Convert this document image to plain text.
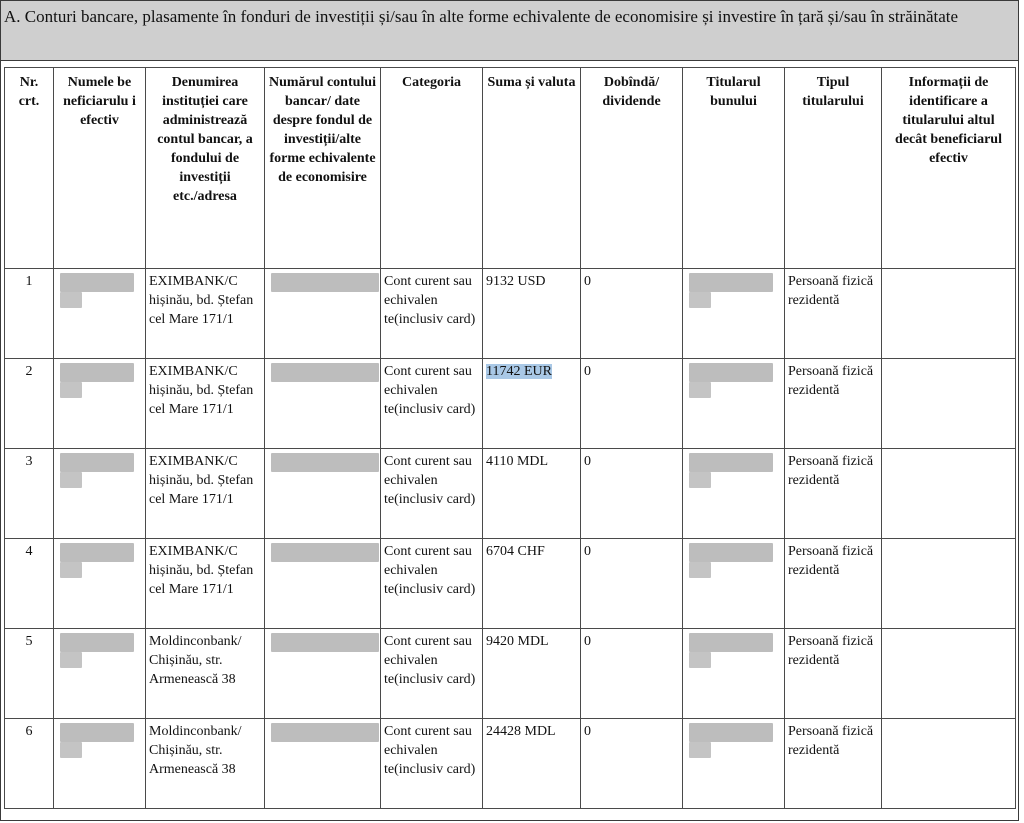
A. Conturi bancare, plasamente în fonduri de investiții și/sau în alte forme echivalente de economisire și investire în țară și/sau în străinătate
Nr. crt.	Numele be neficiarulu i efectiv	Denumirea instituției care administrează contul bancar, a fondului de investiții etc./adresa	Numărul contului bancar/ date despre fondul de investiții/alte forme echivalente de economisire	Categoria	Suma și valuta	Dobîndă/ dividende	Titularul bunului	Tipul titularului	Informații de identificare a titularului altul decât beneficiarul efectiv
1		EXIMBANK/C hișinău, bd. Ștefan cel Mare 171/1		Cont curent sau echivalen te(inclusiv card)	9132 USD	0		Persoană fizică rezidentă	
2		EXIMBANK/C hișinău, bd. Ștefan cel Mare 171/1		Cont curent sau echivalen te(inclusiv card)	11742 EUR	0		Persoană fizică rezidentă	
3		EXIMBANK/C hișinău, bd. Ștefan cel Mare 171/1		Cont curent sau echivalen te(inclusiv card)	4110 MDL	0		Persoană fizică rezidentă	
4		EXIMBANK/C hișinău, bd. Ștefan cel Mare 171/1		Cont curent sau echivalen te(inclusiv card)	6704 CHF	0		Persoană fizică rezidentă	
5		Moldinconbank/ Chișinău, str. Armenească 38		Cont curent sau echivalen te(inclusiv card)	9420 MDL	0		Persoană fizică rezidentă	
6		Moldinconbank/ Chișinău, str. Armenească 38		Cont curent sau echivalen te(inclusiv card)	24428 MDL	0		Persoană fizică rezidentă	
